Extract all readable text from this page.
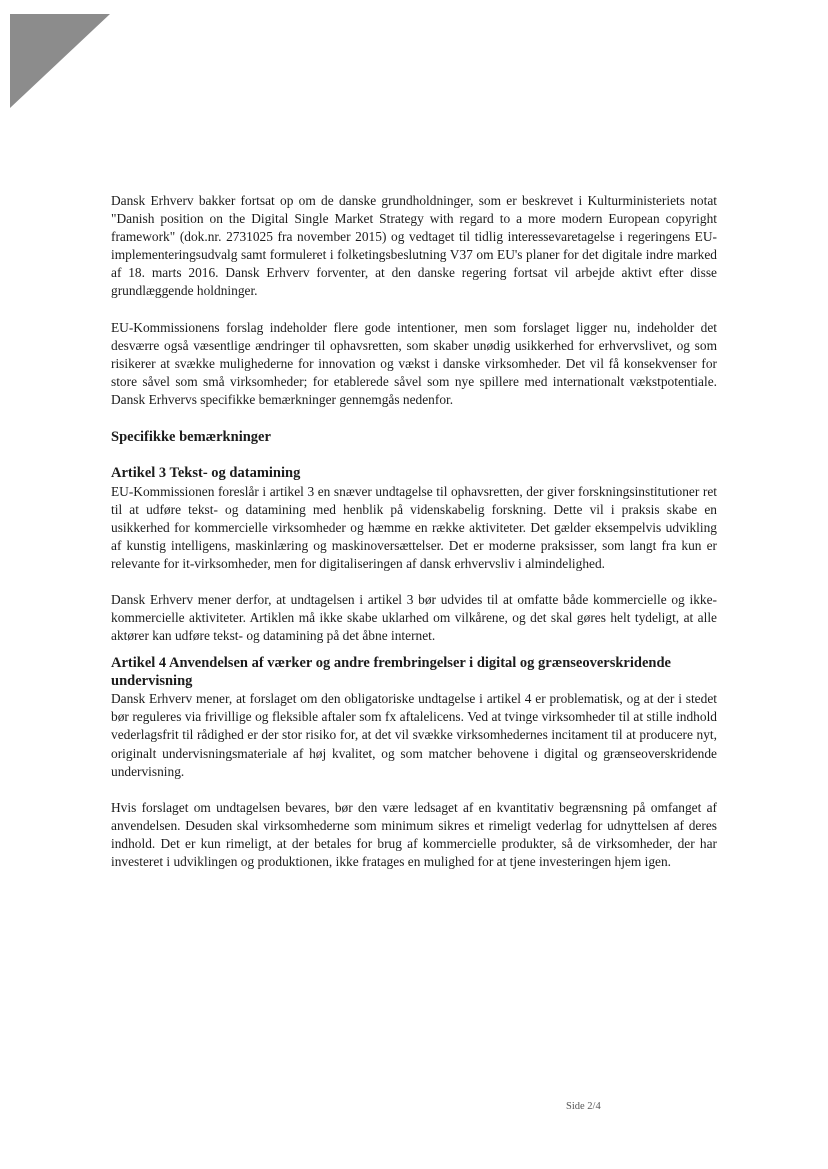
Dansk Erhverv bakker fortsat op om de danske grundholdninger, som er beskrevet i Kulturministeriets notat "Danish position on the Digital Single Market Strategy with regard to a more modern European copyright framework" (dok.nr. 2731025 fra november 2015) og vedtaget til tidlig interessevaretagelse i regeringens EU-implementeringsudvalg samt formuleret i folketingsbeslutning V37 om EU's planer for det digitale indre marked af 18. marts 2016. Dansk Erhverv forventer, at den danske regering fortsat vil arbejde aktivt efter disse grundlæggende holdninger.

EU-Kommissionens forslag indeholder flere gode intentioner, men som forslaget ligger nu, indeholder det desværre også væsentlige ændringer til ophavsretten, som skaber unødig usikkerhed for erhvervslivet, og som risikerer at svække mulighederne for innovation og vækst i danske virksomheder. Det vil få konsekvenser for store såvel som små virksomheder; for etablerede såvel som nye spillere med internationalt vækstpotentiale. Dansk Erhvervs specifikke bemærkninger gennemgås nedenfor.

Specifikke bemærkninger
Artikel 3 Tekst- og datamining

EU-Kommissionen foreslår i artikel 3 en snæver undtagelse til ophavsretten, der giver forskningsinstitutioner ret til at udføre tekst- og datamining med henblik på videnskabelig forskning. Dette vil i praksis skabe en usikkerhed for kommercielle virksomheder og hæmme en række aktiviteter. Det gælder eksempelvis udvikling af kunstig intelligens, maskinlæring og maskinoversættelser. Det er moderne praksisser, som langt fra kun er relevante for it-virksomheder, men for digitaliseringen af dansk erhvervsliv i almindelighed.

Dansk Erhverv mener derfor, at undtagelsen i artikel 3 bør udvides til at omfatte både kommercielle og ikke-kommercielle aktiviteter. Artiklen må ikke skabe uklarhed om vilkårene, og det skal gøres helt tydeligt, at alle aktører kan udføre tekst- og datamining på det åbne internet.

Artikel 4 Anvendelsen af værker og andre frembringelser i digital og grænseoverskridende undervisning

Dansk Erhverv mener, at forslaget om den obligatoriske undtagelse i artikel 4 er problematisk, og at der i stedet bør reguleres via frivillige og fleksible aftaler som fx aftalelicens. Ved at tvinge virksomheder til at stille indhold vederlagsfrit til rådighed er der stor risiko for, at det vil svække virksomhedernes incitament til at producere nyt, originalt undervisningsmateriale af høj kvalitet, og som matcher behovene i digital og grænseoverskridende undervisning.

Hvis forslaget om undtagelsen bevares, bør den være ledsaget af en kvantitativ begrænsning på omfanget af anvendelsen. Desuden skal virksomhederne som minimum sikres et rimeligt vederlag for udnyttelsen af deres indhold. Det er kun rimeligt, at der betales for brug af kommercielle produkter, så de virksomheder, der har investeret i udviklingen og produktionen, ikke fratages en mulighed for at tjene investeringen hjem igen.

Side 2/4
